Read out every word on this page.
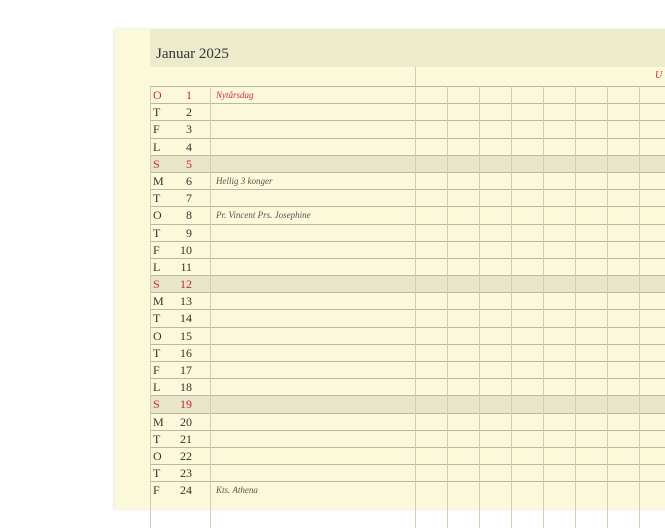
Januar 2025
U
O	1	Nytårsdag
T	2
F	3
L	4
S	5
M	6	Hellig 3 konger
T	7
O	8	Pr. Vincent Prs. Josephine
T	9
F	10
L	11
S	12
M	13
T	14
O	15
T	16
F	17
L	18
S	19
M	20
T	21
O	22
T	23
F	24	Kts. Athena
